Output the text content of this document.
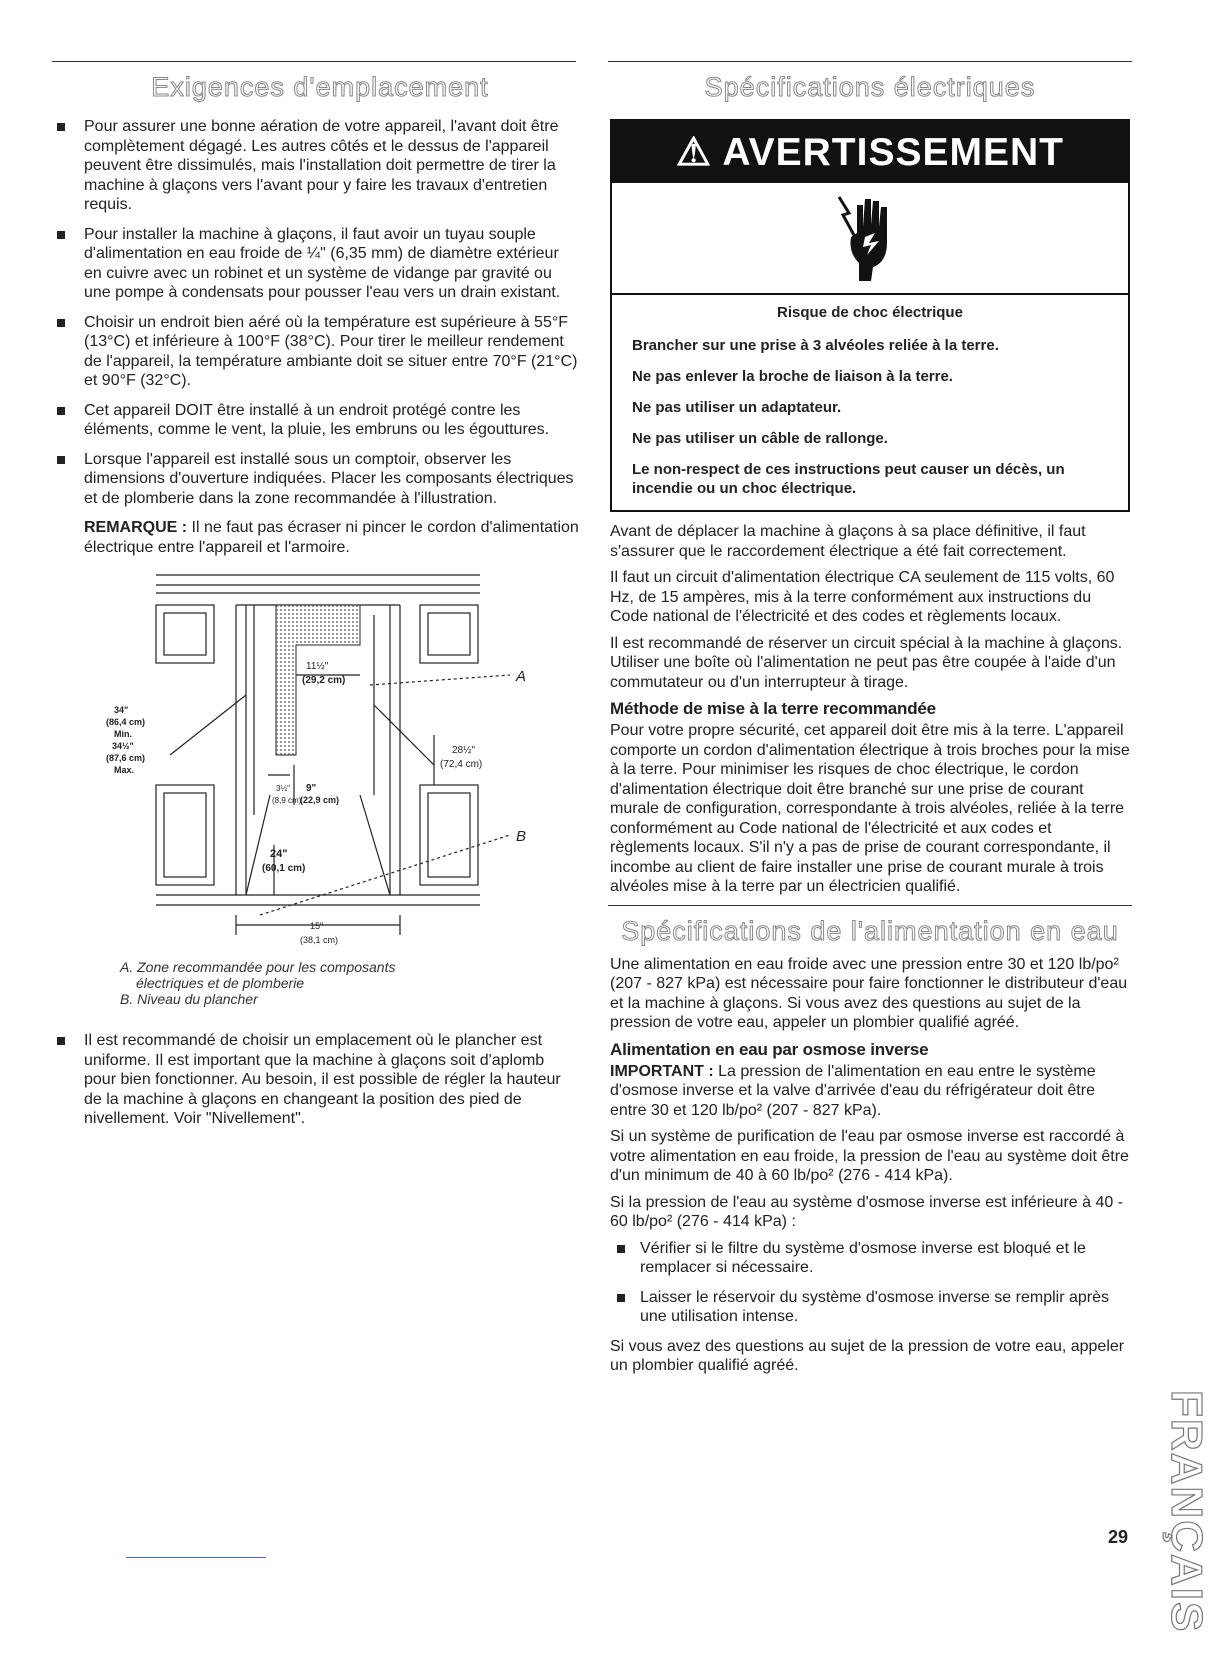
Exigences d'emplacement
Pour assurer une bonne aération de votre appareil, l'avant doit être complètement dégagé. Les autres côtés et le dessus de l'appareil peuvent être dissimulés, mais l'installation doit permettre de tirer la machine à glaçons vers l'avant pour y faire les travaux d'entretien requis.
Pour installer la machine à glaçons, il faut avoir un tuyau souple d'alimentation en eau froide de ¼" (6,35 mm) de diamètre extérieur en cuivre avec un robinet et un système de vidange par gravité ou une pompe à condensats pour pousser l'eau vers un drain existant.
Choisir un endroit bien aéré où la température est supérieure à 55°F (13°C) et inférieure à 100°F (38°C). Pour tirer le meilleur rendement de l'appareil, la température ambiante doit se situer entre 70°F (21°C) et 90°F (32°C).
Cet appareil DOIT être installé à un endroit protégé contre les éléments, comme le vent, la pluie, les embruns ou les égouttures.
Lorsque l'appareil est installé sous un comptoir, observer les dimensions d'ouverture indiquées. Placer les composants électriques et de plomberie dans la zone recommandée à l'illustration.

REMARQUE : Il ne faut pas écraser ni pincer le cordon d'alimentation électrique entre l'appareil et l'armoire.

A
B
11½"
(29,2 cm)
34"
(86,4 cm)
Min.
34½"
(87,6 cm)
Max.
28½"
(72,4 cm)
3½"
(8,9 cm)
9"
(22,9 cm)
24"
(60,1 cm)
15"
(38,1 cm)

A. Zone recommandée pour les composants

électriques et de plomberie

B. Niveau du plancher

Il est recommandé de choisir un emplacement où le plancher est uniforme. Il est important que la machine à glaçons soit d'aplomb pour bien fonctionner. Au besoin, il est possible de régler la hauteur de la machine à glaçons en changeant la position des pied de nivellement. Voir "Nivellement".
Spécifications électriques
⚠ AVERTISSEMENT

Risque de choc électrique

Brancher sur une prise à 3 alvéoles reliée à la terre.

Ne pas enlever la broche de liaison à la terre.

Ne pas utiliser un adaptateur.

Ne pas utiliser un câble de rallonge.

Le non-respect de ces instructions peut causer un décès, un incendie ou un choc électrique.

Avant de déplacer la machine à glaçons à sa place définitive, il faut s'assurer que le raccordement électrique a été fait correctement.

Il faut un circuit d'alimentation électrique CA seulement de 115 volts, 60 Hz, de 15 ampères, mis à la terre conformément aux instructions du Code national de l'électricité et des codes et règlements locaux.

Il est recommandé de réserver un circuit spécial à la machine à glaçons. Utiliser une boîte où l'alimentation ne peut pas être coupée à l'aide d'un commutateur ou d'un interrupteur à tirage.

Méthode de mise à la terre recommandée

Pour votre propre sécurité, cet appareil doit être mis à la terre. L'appareil comporte un cordon d'alimentation électrique à trois broches pour la mise à la terre. Pour minimiser les risques de choc électrique, le cordon d'alimentation électrique doit être branché sur une prise de courant murale de configuration, correspondante à trois alvéoles, reliée à la terre conformément au Code national de l'électricité et aux codes et règlements locaux. S'il n'y a pas de prise de courant correspondante, il incombe au client de faire installer une prise de courant murale à trois alvéoles mise à la terre par un électricien qualifié.

Spécifications de l'alimentation en eau

Une alimentation en eau froide avec une pression entre 30 et 120 lb/po² (207 - 827 kPa) est nécessaire pour faire fonctionner le distributeur d'eau et la machine à glaçons. Si vous avez des questions au sujet de la pression de votre eau, appeler un plombier qualifié agréé.

Alimentation en eau par osmose inverse

IMPORTANT : La pression de l'alimentation en eau entre le système d'osmose inverse et la valve d'arrivée d'eau du réfrigérateur doit être entre 30 et 120 lb/po² (207 - 827 kPa).

Si un système de purification de l'eau par osmose inverse est raccordé à votre alimentation en eau froide, la pression de l'eau au système doit être d'un minimum de 40 à 60 lb/po² (276 - 414 kPa).

Si la pression de l'eau au système d'osmose inverse est inférieure à 40 - 60 lb/po² (276 - 414 kPa) :

Vérifier si le filtre du système d'osmose inverse est bloqué et le remplacer si nécessaire.
Laisser le réservoir du système d'osmose inverse se remplir après une utilisation intense.

Si vous avez des questions au sujet de la pression de votre eau, appeler un plombier qualifié agréé.

FRANÇAIS
29
